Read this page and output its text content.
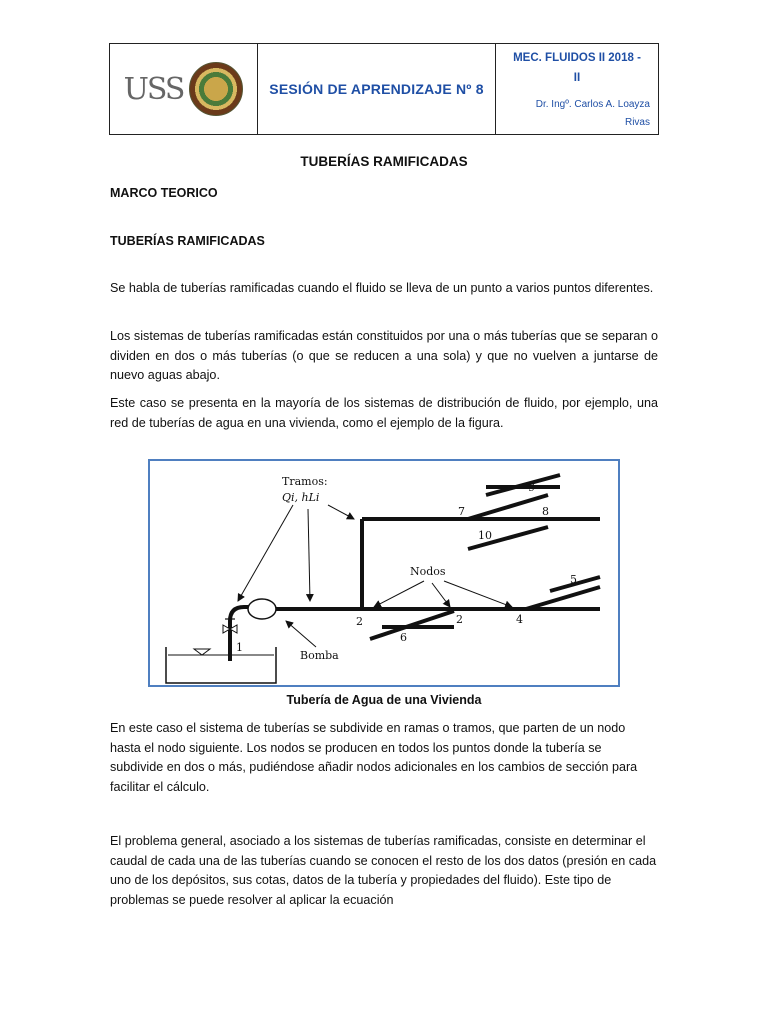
USS	SESIÓN DE APRENDIZAJE Nº 8
MEC. FLUIDOS II 2018 -
II
Dr. Ingº. Carlos A. Loayza
Rivas
TUBERÍAS RAMIFICADAS
MARCO TEORICO
TUBERÍAS RAMIFICADAS
Se habla de tuberías ramificadas cuando el fluido se lleva de un punto a varios puntos diferentes.
Los sistemas de tuberías ramificadas están constituidos por una o más tuberías que se separan o dividen en dos o más tuberías (o que se reducen a una sola) y que no vuelven a juntarse de nuevo aguas abajo.
Este caso se presenta en la mayoría de los sistemas de distribución de fluido, por ejemplo, una red de tuberías de agua en una vivienda, como el ejemplo de la figura.
Tramos:
Qi, hLi
Nodos
Bomba
1
2	2	4
5
6
7	8
9
10
Tubería de Agua de una Vivienda
En este caso el sistema de tuberías se subdivide en ramas o tramos, que parten de un nodo hasta el nodo siguiente. Los nodos se producen en todos los puntos donde la tubería se subdivide en dos o más, pudiéndose añadir nodos adicionales en los cambios de sección para facilitar el cálculo.
El problema general, asociado a los sistemas de tuberías ramificadas, consiste en determinar el caudal de cada una de las tuberías cuando se conocen el resto de los dos datos (presión en cada uno de los depósitos, sus cotas, datos de la tubería y propiedades del fluido). Este tipo de problemas se puede resolver al aplicar la ecuación
